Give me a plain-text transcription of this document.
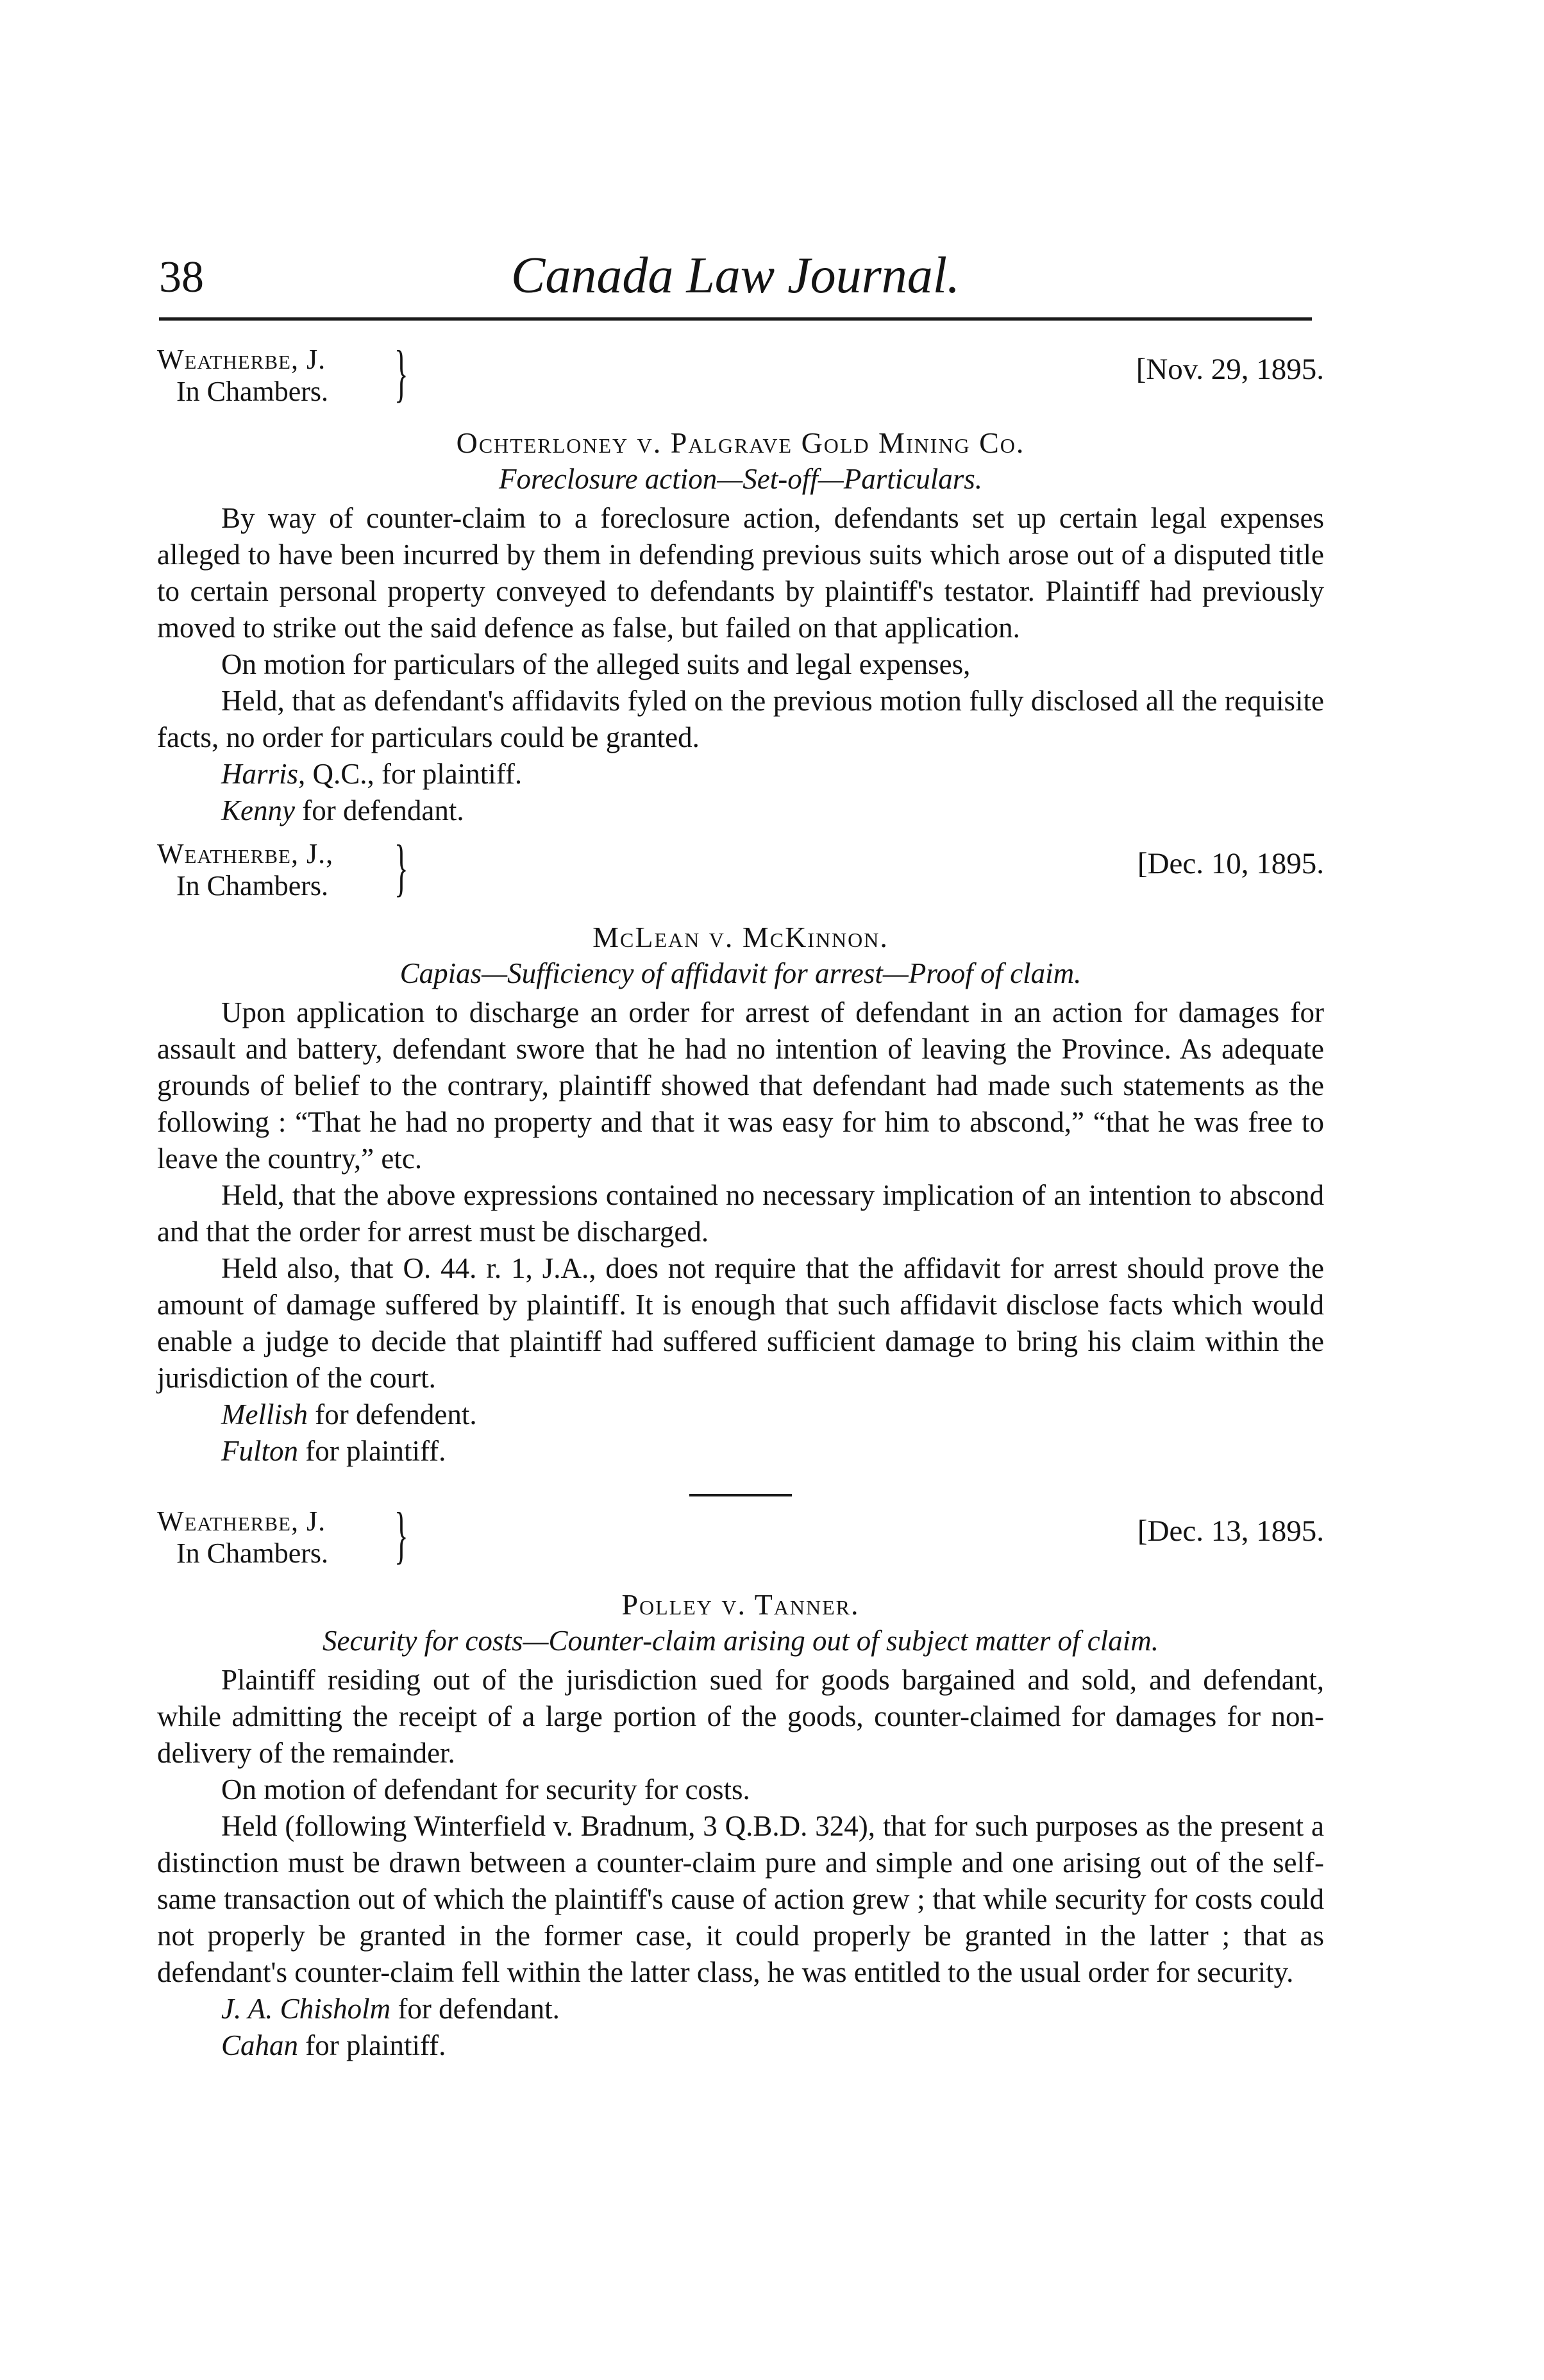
38	Canada Law Journal.
Weatherbe, J.
In Chambers. }	[Nov. 29, 1895.
Ochterloney v. Palgrave Gold Mining Co.
Foreclosure action—Set-off—Particulars.

By way of counter-claim to a foreclosure action, defendants set up certain legal expenses alleged to have been incurred by them in defending previous suits which arose out of a disputed title to certain personal property conveyed to defendants by plaintiff's testator. Plaintiff had previously moved to strike out the said defence as false, but failed on that application.

On motion for particulars of the alleged suits and legal expenses,

Held, that as defendant's affidavits fyled on the previous motion fully disclosed all the requisite facts, no order for particulars could be granted.

Harris, Q.C., for plaintiff.
Kenny for defendant.
Weatherbe, J.,
In Chambers. }	[Dec. 10, 1895.
McLean v. McKinnon.
Capias—Sufficiency of affidavit for arrest—Proof of claim.

Upon application to discharge an order for arrest of defendant in an action for damages for assault and battery, defendant swore that he had no intention of leaving the Province. As adequate grounds of belief to the contrary, plaintiff showed that defendant had made such statements as the following : “That he had no property and that it was easy for him to abscond,” “that he was free to leave the country,” etc.

Held, that the above expressions contained no necessary implication of an intention to abscond and that the order for arrest must be discharged.

Held also, that O. 44. r. 1, J.A., does not require that the affidavit for arrest should prove the amount of damage suffered by plaintiff. It is enough that such affidavit disclose facts which would enable a judge to decide that plaintiff had suffered sufficient damage to bring his claim within the jurisdiction of the court.

Mellish for defendent.
Fulton for plaintiff.
Weatherbe, J.
In Chambers. }	[Dec. 13, 1895.
Polley v. Tanner.
Security for costs—Counter-claim arising out of subject matter of claim.

Plaintiff residing out of the jurisdiction sued for goods bargained and sold, and defendant, while admitting the receipt of a large portion of the goods, counter-claimed for damages for non-delivery of the remainder.

On motion of defendant for security for costs.

Held (following Winterfield v. Bradnum, 3 Q.B.D. 324), that for such purposes as the present a distinction must be drawn between a counter-claim pure and simple and one arising out of the self-same transaction out of which the plaintiff's cause of action grew ; that while security for costs could not properly be granted in the former case, it could properly be granted in the latter ; that as defendant's counter-claim fell within the latter class, he was entitled to the usual order for security.

J. A. Chisholm for defendant.
Cahan for plaintiff.
